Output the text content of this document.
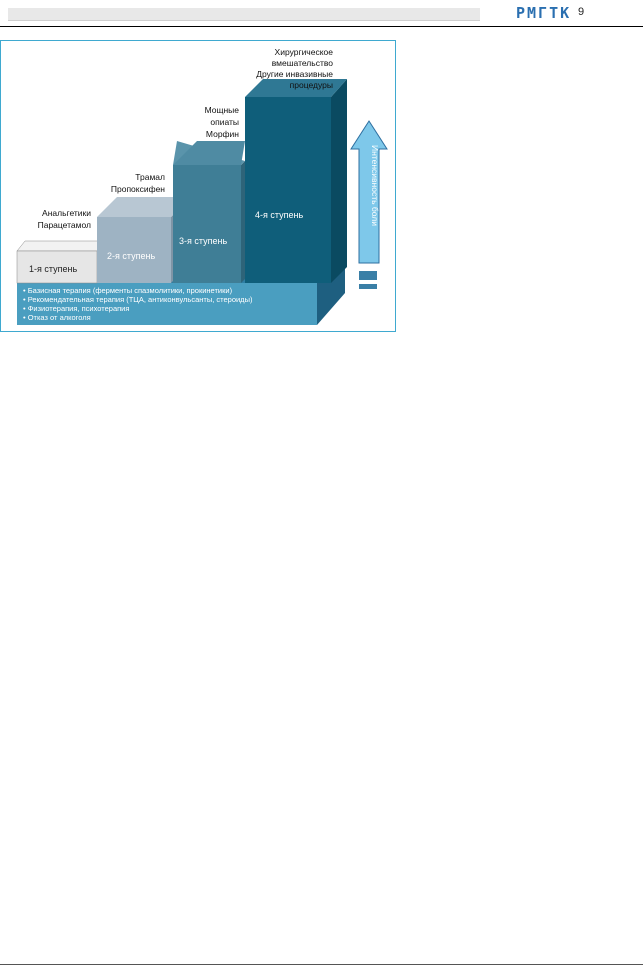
РМГТК 9
1-я ступень
2-я ступень
3-я ступень
4-я ступень
Анальгетики
Парацетамол
Трамал
Пропоксифен
Мощные
опиаты
Морфин
Хирургическое
вмешательство
Другие инвазивные
процедуры
• Базисная терапия (ферменты спазмолитики, прокинетики)
• Рекомендательная терапия (ТЦА, антиконвульсанты, стероиды)
• Физиотерапия, психотерапия
• Отказ от алкоголя
Интенсивность боли
